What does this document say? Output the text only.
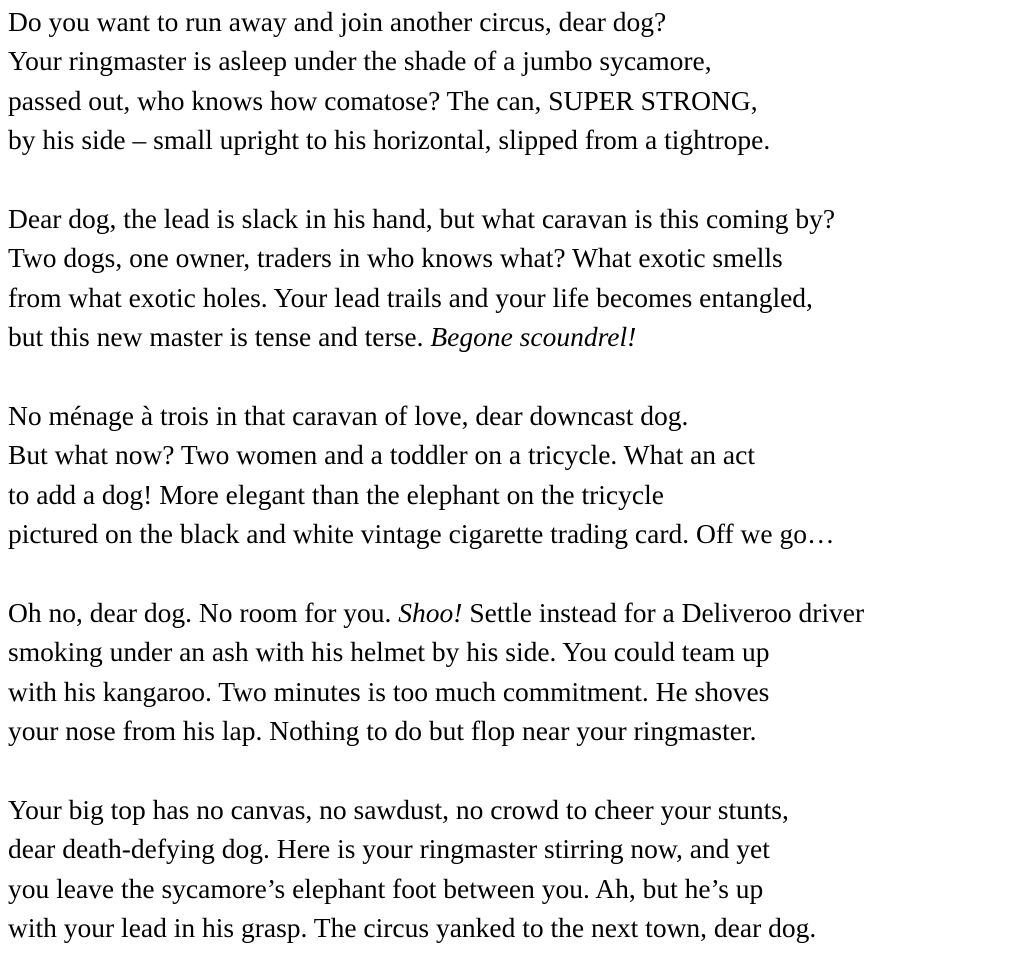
Do you want to run away and join another circus, dear dog?
Your ringmaster is asleep under the shade of a jumbo sycamore,
passed out, who knows how comatose? The can, SUPER STRONG,
by his side – small upright to his horizontal, slipped from a tightrope.
Dear dog, the lead is slack in his hand, but what caravan is this coming by?
Two dogs, one owner, traders in who knows what? What exotic smells
from what exotic holes. Your lead trails and your life becomes entangled,
but this new master is tense and terse. Begone scoundrel!
No ménage à trois in that caravan of love, dear downcast dog.
But what now? Two women and a toddler on a tricycle. What an act
to add a dog! More elegant than the elephant on the tricycle
pictured on the black and white vintage cigarette trading card. Off we go…
Oh no, dear dog. No room for you. Shoo! Settle instead for a Deliveroo driver
smoking under an ash with his helmet by his side. You could team up
with his kangaroo. Two minutes is too much commitment. He shoves
your nose from his lap. Nothing to do but flop near your ringmaster.
Your big top has no canvas, no sawdust, no crowd to cheer your stunts,
dear death-defying dog. Here is your ringmaster stirring now, and yet
you leave the sycamore’s elephant foot between you. Ah, but he’s up
with your lead in his grasp. The circus yanked to the next town, dear dog.
